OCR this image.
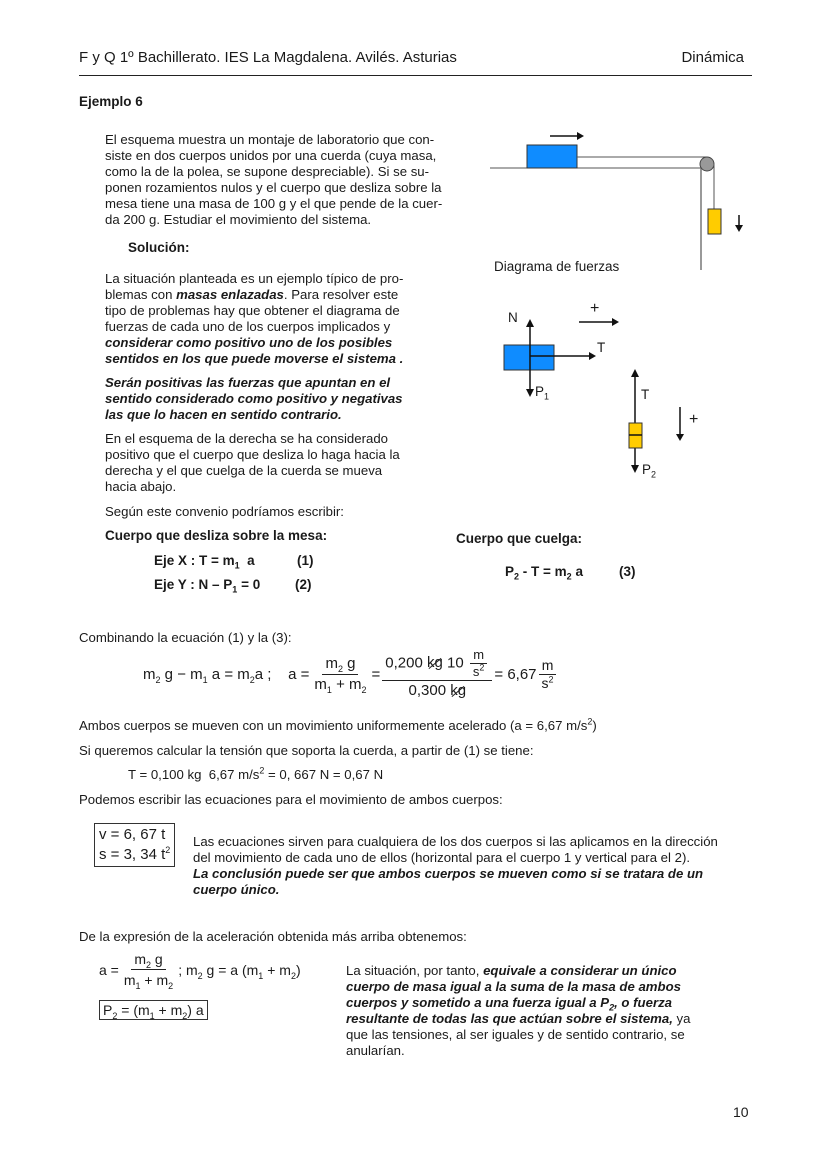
F y Q 1º Bachillerato. IES La Magdalena. Avilés. Asturias	Dinámica
Ejemplo 6
El esquema muestra un montaje de laboratorio que con-
siste en dos cuerpos unidos por una cuerda (cuya masa,
como la de la polea, se supone despreciable). Si se su-
ponen rozamientos nulos y el cuerpo que desliza sobre la
mesa tiene una masa de 100 g y el que pende de la cuer-
da 200 g. Estudiar el movimiento del sistema.
Solución:
La situación planteada es un ejemplo típico de pro-
blemas con masas enlazadas. Para resolver este
tipo de problemas hay que obtener el diagrama de
fuerzas de cada uno de los cuerpos implicados y
considerar como positivo uno de los posibles
sentidos en los que puede moverse el sistema .
Serán positivas las fuerzas que apuntan en el
sentido considerado como positivo y negativas
las que lo hacen en sentido contrario.
En el esquema de la derecha se ha considerado
positivo que el cuerpo que desliza lo haga hacia la
derecha y el que cuelga de la cuerda se mueva
hacia abajo.
Según este convenio podríamos escribir:
Diagrama de fuerzas
N
+
T
$P_1$	T
+
$P_2$
Cuerpo que desliza sobre la mesa:
Eje X : $T = m_1$  a	(1)
Eje Y : $N - P_1 = 0$	(2)
Cuerpo que cuelga:
$P_2 - T = m_2$ a	(3)
Combinando la ecuación (1) y la (3):
$m_2$ $g - m_1$ $a = m_2a$ ;    $a = \frac{m_2 g}{m_1 + m_2} = \frac{0,200 kg 10 \frac{m}{s^2}}{0,300 kg} = 6,67 \frac{m}{s^2}$
Ambos cuerpos se mueven con un movimiento uniformemente acelerado (a = 6,67 $m/s^2$)
Si queremos calcular la tensión que soporta la cuerda, a partir de (1) se tiene:
T = 0,100 kg  6,67 $m/s^2 = 0$, 667 N = 0,67 N
Podemos escribir las ecuaciones para el movimiento de ambos cuerpos:
v = 6, 67 t
s = 3, 34 $t^2$
Las ecuaciones sirven para cualquiera de los dos cuerpos si las aplicamos en la dirección
del movimiento de cada uno de ellos (horizontal para el cuerpo 1 y vertical para el 2).
La conclusión puede ser que ambos cuerpos se mueven como si se tratara de un
cuerpo único.
De la expresión de la aceleración obtenida más arriba obtenemos:
$a = \frac{m_2 g}{m_1 + m_2}$ ; $m_2$ g = a $(m_1 + m_2)$
$P_2 = (m_1 + m_2)$ a
La situación, por tanto, equivale a considerar un único
cuerpo de masa igual a la suma de la masa de ambos
cuerpos y sometido a una fuerza igual a $P_2$, o fuerza
resultante de todas las que actúan sobre el sistema, ya
que las tensiones, al ser iguales y de sentido contrario, se
anularían.
10
